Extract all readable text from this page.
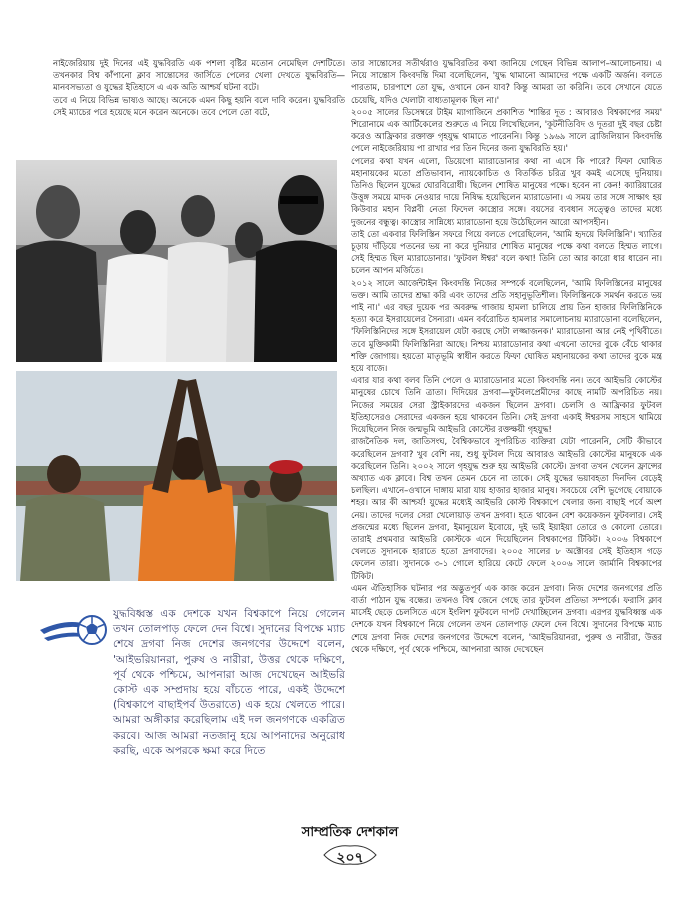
নাইজেরিয়ায় দুই দিনের এই যুদ্ধবিরতি এক পশলা বৃষ্টির মতোন নেমেছিল দেশটিতে। তখনকার বিশ্ব কাঁপানো ক্লাব সান্তোসের জার্সিতে পেলের খেলা দেখতে যুদ্ধবিরতি—মানবসভ্যতা ও যুদ্ধের ইতিহাসে এ এক অতি আশ্চর্য ঘটনা বটে।

তবে এ নিয়ে বিভিন্ন ভাষ্যও আছে। অনেকে এমন কিছু হয়নি বলে দাবি করেন। যুদ্ধবিরতি সেই ম্যাচের পরে হয়েছে মনে করেন অনেকে। তবে পেলে তো বটে,

যুদ্ধবিধ্বস্ত এক দেশকে যখন বিশ্বকাপে নিয়ে গেলেন তখন তোলপাড় ফেলে দেন বিশ্বে। সুদানের বিপক্ষে ম্যাচ শেষে দ্রগবা নিজ দেশের জনগণের উদ্দেশে বলেন, 'আইভরিয়ানরা, পুরুষ ও নারীরা, উত্তর থেকে দক্ষিণে, পূর্ব থেকে পশ্চিমে, আপনারা আজ দেখেছেন আইভরি কোস্ট এক সম্প্রদায় হয়ে বাঁচতে পারে, একই উদ্দেশে (বিশ্বকাপে বাছাইপর্ব উতরাতে) এক হয়ে খেলতে পারে। আমরা অঙ্গীকার করেছিলাম এই দল জনগণকে একত্রিত করবে। আজ আমরা নতজানু হয়ে আপনাদের অনুরোধ করছি, একে অপরকে ক্ষমা করে দিতে

তার সান্তোসের সতীর্থরাও যুদ্ধবিরতির কথা জানিয়ে গেছেন বিভিন্ন আলাপ–আলোচনায়। এ নিয়ে সান্তোস কিংবদন্তি দিমা বলেছিলেন, 'যুদ্ধ থামানো আমাদের পক্ষে একটি অর্জন। বলতে পারতাম, চারপাশে তো যুদ্ধ, ওখানে কেন যাব? কিন্তু আমরা তা করিনি। তবে সেখানে যেতে চেয়েছি, যদিও খেলাটা বাধ্যতামূলক ছিল না।'

২০০৫ সালের ডিসেম্বরে টাইম ম্যাগাজিনে প্রকাশিত 'শান্তির দূত : আবারও বিশ্বকাপের সময়' শিরোনামে এক আর্টিকেলের শুরুতে এ নিয়ে লিখেছিলেন, 'কূটনীতিবিদ ও দূতরা দুই বছর চেষ্টা করেও আফ্রিকার রক্তাক্ত গৃহযুদ্ধ থামাতে পারেননি। কিন্তু ১৯৬৯ সালে ব্রাজিলিয়ান কিংবদন্তি পেলে নাইজেরিয়ায় পা রাখার পর তিন দিনের জন্য যুদ্ধবিরতি হয়।'

পেলের কথা যখন এলো, ডিয়েগো ম্যারাডোনার কথা না এসে কি পারে? ফিফা ঘোষিত মহানায়কের মতো প্রতিভাবান, ন্যায়কোচিত ও বিতর্কিত চরিত্র খুব কমই এসেছে দুনিয়ায়। তিনিও ছিলেন যুদ্ধের ঘোরবিরোধী। ছিলেন শোষিত মানুষের পক্ষে। হবেন না কেন! ক্যারিয়ারের উত্তুঙ্গ সময়ে মাদক নেওয়ার দায়ে নিষিদ্ধ হয়েছিলেন ম্যারাডোনা। এ সময় তার সঙ্গে সাক্ষাৎ হয় কিউবার মহান বিপ্লবী নেতা ফিদেল কাস্ত্রোর সঙ্গে। বয়সের ব্যবধান সত্ত্বেও তাদের মধ্যে দুজনের বন্ধুত্ব। কাস্ত্রোর সান্নিধ্যে ম্যারাডোনা হয়ে উঠেছিলেন আরো আপসহীন।

তাই তো একবার ফিলিস্তিন সফরে গিয়ে বলতে পেরেছিলেন, 'আমি হৃদয়ে ফিলিস্তিনি'। খ্যাতির চূড়ায় দাঁড়িয়ে পতনের ভয় না করে দুনিয়ার শোষিত মানুষের পক্ষে কথা বলতে হিম্মত লাগে। সেই হিম্মত ছিল ম্যারাডোনার। 'ফুটবল ঈশ্বর' বলে কথা! তিনি তো আর কারো ধার ধারেন না। চলেন আপন মর্জিতে।

২০১২ সালে আর্জেন্টাইন কিংবদন্তি নিজের সম্পর্কে বলেছিলেন, 'আমি ফিলিস্তিনের মানুষের ভক্ত। আমি তাদের শ্রদ্ধা করি এবং তাদের প্রতি সহানুভূতিশীল। ফিলিস্তিনকে সমর্থন করতে ভয় পাই না।' এর বছর দুয়েক পর অবরুদ্ধ গাজায় হামলা চালিয়ে প্রায় তিন হাজার ফিলিস্তিনিকে হত্যা করে ইসরায়েলের সৈন্যরা। এমন বর্বরোচিত হামলার সমালোচনায় ম্যারাডোনা বলেছিলেন, 'ফিলিস্তিনিদের সঙ্গে ইসরায়েল যেটা করছে সেটা লজ্জাজনক।' ম্যারাডোনা আর নেই পৃথিবীতে। তবে মুক্তিকামী ফিলিস্তিনিরা আছে। নিশ্চয় ম্যারাডোনার কথা এখনো তাদের বুকে বেঁচে থাকার শক্তি জোগায়। হয়তো মাতৃভূমি স্বাধীন করতে ফিফা ঘোষিত মহানায়কের কথা তাদের বুকে মন্ত্র হয়ে বাজে।

এবার যার কথা বলব তিনি পেলে ও ম্যারাডোনার মতো কিংবদন্তি নন। তবে আইভরি কোস্টের মানুষের চোখে তিনি ত্রাতা। দিদিয়ের দ্রগবা—ফুটবলপ্রেমীদের কাছে নামটি অপরিচিত নয়। নিজের সময়ের সেরা স্ট্রাইকারদের একজন ছিলেন দ্রগবা। চেলসি ও আফ্রিকার ফুটবল ইতিহাসেরও সেরাদের একজন হয়ে থাকবেন তিনি। সেই দ্রগবা একাই ঈশ্বরসম সাহসে থামিয়ে দিয়েছিলেন নিজ জন্মভূমি আইভরি কোস্টের রক্তক্ষয়ী গৃহযুদ্ধ!

রাজনৈতিক দল, জাতিসংঘ, বৈশ্বিকভাবে সুপরিচিত ব্যক্তিরা যেটা পারেননি, সেটি কীভাবে করেছিলেন দ্রগবা? খুব বেশি নয়, শুধু ফুটবল দিয়ে আবারও আইভরি কোস্টের মানুষকে এক করেছিলেন তিনি। ২০০২ সালে গৃহযুদ্ধ শুরু হয় আইভরি কোস্টে। দ্রগবা তখন খেলেন ফ্রান্সের অখ্যাত এক ক্লাবে। বিশ্ব তখন তেমন চেনে না তাকে। সেই যুদ্ধের ভয়াবহতা দিনদিন বেড়েই চলছিল। এখানে–ওখানে দাঙ্গায় মারা যায় হাজার হাজার মানুষ। সবচেয়ে বেশি ভুগেছে বোয়াকে শহর। আর কী আশ্চর্য! যুদ্ধের মধ্যেই আইভরি কোস্ট বিশ্বকাপে খেলার জন্য বাছাই পর্বে অংশ নেয়। তাদের দলের সেরা খেলোয়াড় তখন দ্রগবা। হতে থাকেন বেশ কয়েকজন ফুটবলার। সেই প্রজন্মের মধ্যে ছিলেন দ্রগবা, ইমানুয়েল ইবোয়ে, দুই ভাই ইয়াইয়া তোরে ও কোলো তোরে। তারাই প্রথমবার আইভরি কোস্টকে এনে দিয়েছিলেন বিশ্বকাপের টিকিট। ২০০৬ বিশ্বকাপে খেলতে সুদানকে হারাতে হতো দ্রগবাদের। ২০০৫ সালের ৮ অক্টোবর সেই ইতিহাস গড়ে ফেলেন তারা। সুদানকে ৩-১ গোলে হারিয়ে কেটে ফেলে ২০০৬ সালে জার্মানি বিশ্বকাপের টিকিট।

এমন ঐতিহাসিক ঘটনার পর অদ্ভুতপূর্ব এক কাজ করেন দ্রগবা। নিজ দেশের জনগণের প্রতি বার্তা পাঠান যুদ্ধ বন্ধের। তখনও বিশ্ব জেনে গেছে তার ফুটবল প্রতিভা সম্পর্কে। ফরাসি ক্লাব মার্সেই ছেড়ে চেলসিতে এসে ইংলিশ ফুটবলে দাপট দেখাচ্ছিলেন দ্রগবা। এরপর যুদ্ধবিধ্বস্ত এক দেশকে যখন বিশ্বকাপে নিয়ে গেলেন তখন তোলপাড় ফেলে দেন বিশ্বে। সুদানের বিপক্ষে ম্যাচ শেষে দ্রগবা নিজ দেশের জনগণের উদ্দেশে বলেন, 'আইভরিয়ানরা, পুরুষ ও নারীরা, উত্তর থেকে দক্ষিণে, পূর্ব থেকে পশ্চিমে, আপনারা আজ দেখেছেন

সাম্প্রতিক দেশকাল
২০৭
